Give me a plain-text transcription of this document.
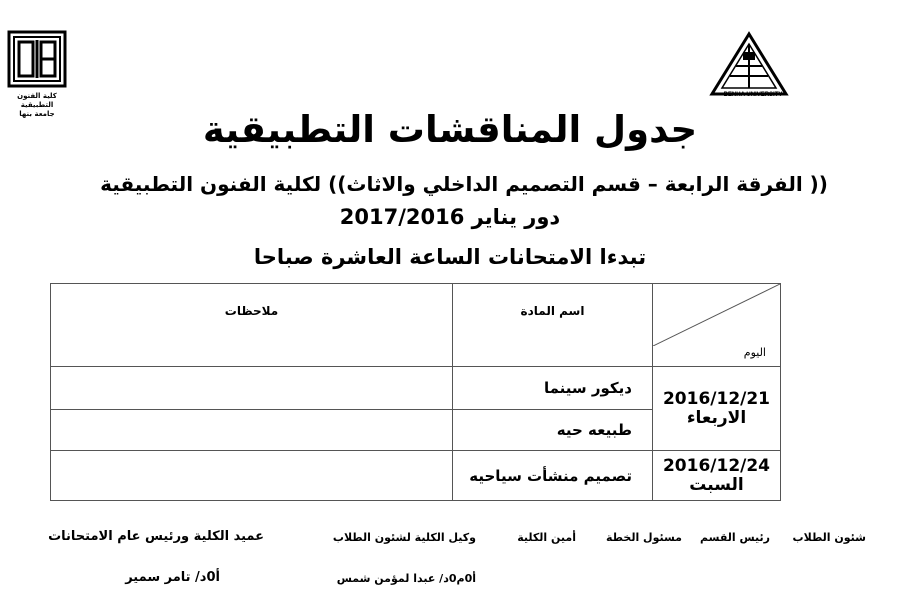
كلية الفنون التطبيقية
جامعة بنها
BENHA UNIVERSITY
جدول المناقشات التطبيقية
(( الفرقة الرابعة – قسم التصميم الداخلي والاثاث)) لكلية الفنون التطبيقية
دور يناير 2017/2016
تبدءا الامتحانات الساعة العاشرة صباحا
اليوم	اسم المادة	ملاحظات

2016/12/21
الاربعاء	ديكور سينما	
	طبيعه حيه	

2016/12/24
السبت	تصميم منشأت سياحيه	
شئون الطلاب
رئيس القسم
مسئول الخطة
أمين الكلية
وكيل الكلية لشئون الطلاب
عميد الكلية ورئيس عام الامتحانات
أ0م0د/ عبدا لمؤمن شمس
أ0د/ تامر سمير
